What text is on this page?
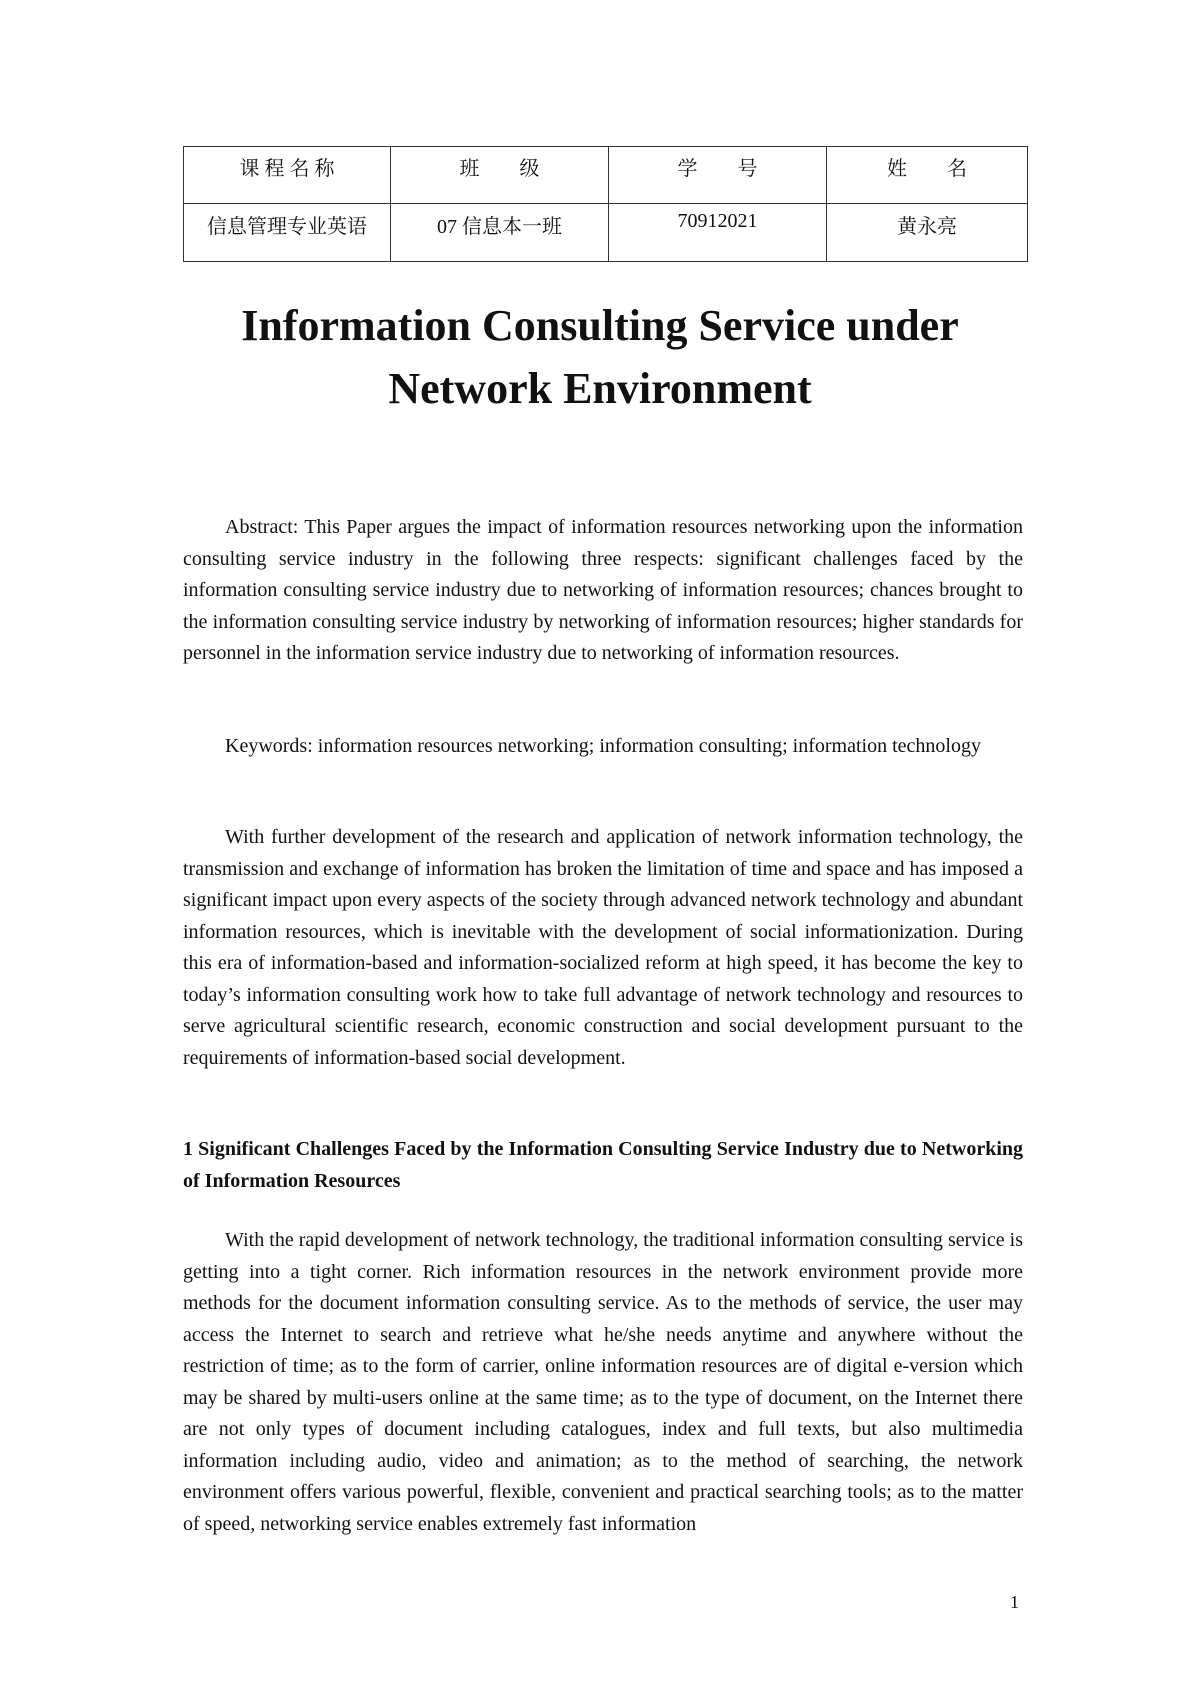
课 程 名 称	班　　级	学　　号	姓　　名
信息管理专业英语	07 信息本一班	70912021	黄永亮
Information Consulting Service under
Network Environment

Abstract: This Paper argues the impact of information resources networking upon the information consulting service industry in the following three respects: significant challenges faced by the information consulting service industry due to networking of information resources; chances brought to the information consulting service industry by networking of information resources; higher standards for personnel in the information service industry due to networking of information resources.

Keywords: information resources networking; information consulting; information technology

With further development of the research and application of network information technology, the transmission and exchange of information has broken the limitation of time and space and has imposed a significant impact upon every aspects of the society through advanced network technology and abundant information resources, which is inevitable with the development of social informationization. During this era of information-based and information-socialized reform at high speed, it has become the key to today’s information consulting work how to take full advantage of network technology and resources to serve agricultural scientific research, economic construction and social development pursuant to the requirements of information-based social development.

1 Significant Challenges Faced by the Information Consulting Service Industry due to Networking of Information Resources

With the rapid development of network technology, the traditional information consulting service is getting into a tight corner. Rich information resources in the network environment provide more methods for the document information consulting service. As to the methods of service, the user may access the Internet to search and retrieve what he/she needs anytime and anywhere without the restriction of time; as to the form of carrier, online information resources are of digital e-version which may be shared by multi-users online at the same time; as to the type of document, on the Internet there are not only types of document including catalogues, index and full texts, but also multimedia information including audio, video and animation; as to the method of searching, the network environment offers various powerful, flexible, convenient and practical searching tools; as to the matter of speed, networking service enables extremely fast information

1
